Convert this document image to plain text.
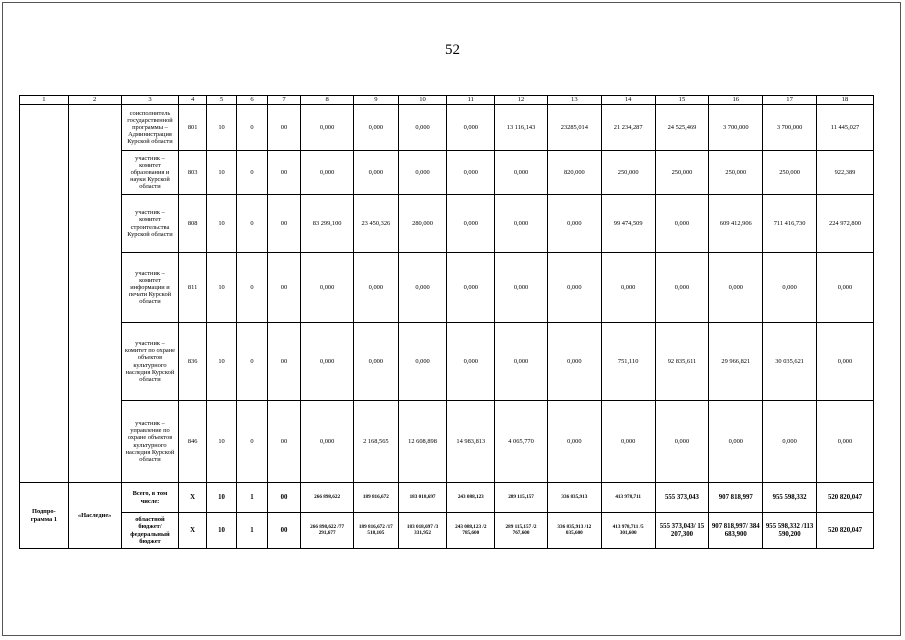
52
1	2	3	4	5	6	7	8	9	10	11	12	13	14	15	16	17	18
		соисполнитель государственной программы – Администрация Курской области	801	10	0	00	0,000	0,000	0,000	0,000	13 116,143	23285,014	21 234,287	24 525,469	3 700,000	3 700,000	11 445,027
		участник – комитет образования и науки Курской области	803	10	0	00	0,000	0,000	0,000	0,000	0,000	820,000	250,000	250,000	250,000	250,000	922,389
		участник – комитет строительства Курской области	808	10	0	00	83 299,100	23 450,326	280,000	0,000	0,000	0,000	99 474,509	0,000	609 412,906	711 416,730	224 972,800
		участник – комитет информации и печати Курской области	811	10	0	00	0,000	0,000	0,000	0,000	0,000	0,000	0,000	0,000	0,000	0,000	0,000
		участник – комитет по охране объектов культурного наследия Курской области	836	10	0	00	0,000	0,000	0,000	0,000	0,000	0,000	751,110	92 835,611	29 966,821	30 035,621	0,000
		участник – управление по охране объектов культурного наследия Курской области	846	10	0	00	0,000	2 168,565	12 608,898	14 983,813	4 065,770	0,000	0,000	0,000	0,000	0,000	0,000
Подпро- грамма 1	«Наследие»	Всего, в том числе:	Х	10	1	00	266 898,622	189 816,672	183 018,697	243 088,123	289 115,157	336 835,913	413 978,711	555 373,043	907 818,997	955 598,332	520 820,047
		областной бюджет/ федеральный бюджет	Х	10	1	00	266 898,622 /77 291,677	189 816,672 /17 518,105	183 018,697 /3 331,952	243 088,123 /2 785,600	289 115,157 /2 767,600	336 835,913 /12 035,600	413 978,711 /5 301,600	555 373,043/ 15 207,300	907 818,997/ 384 683,900	955 598,332 /113 590,200	520 820,047
